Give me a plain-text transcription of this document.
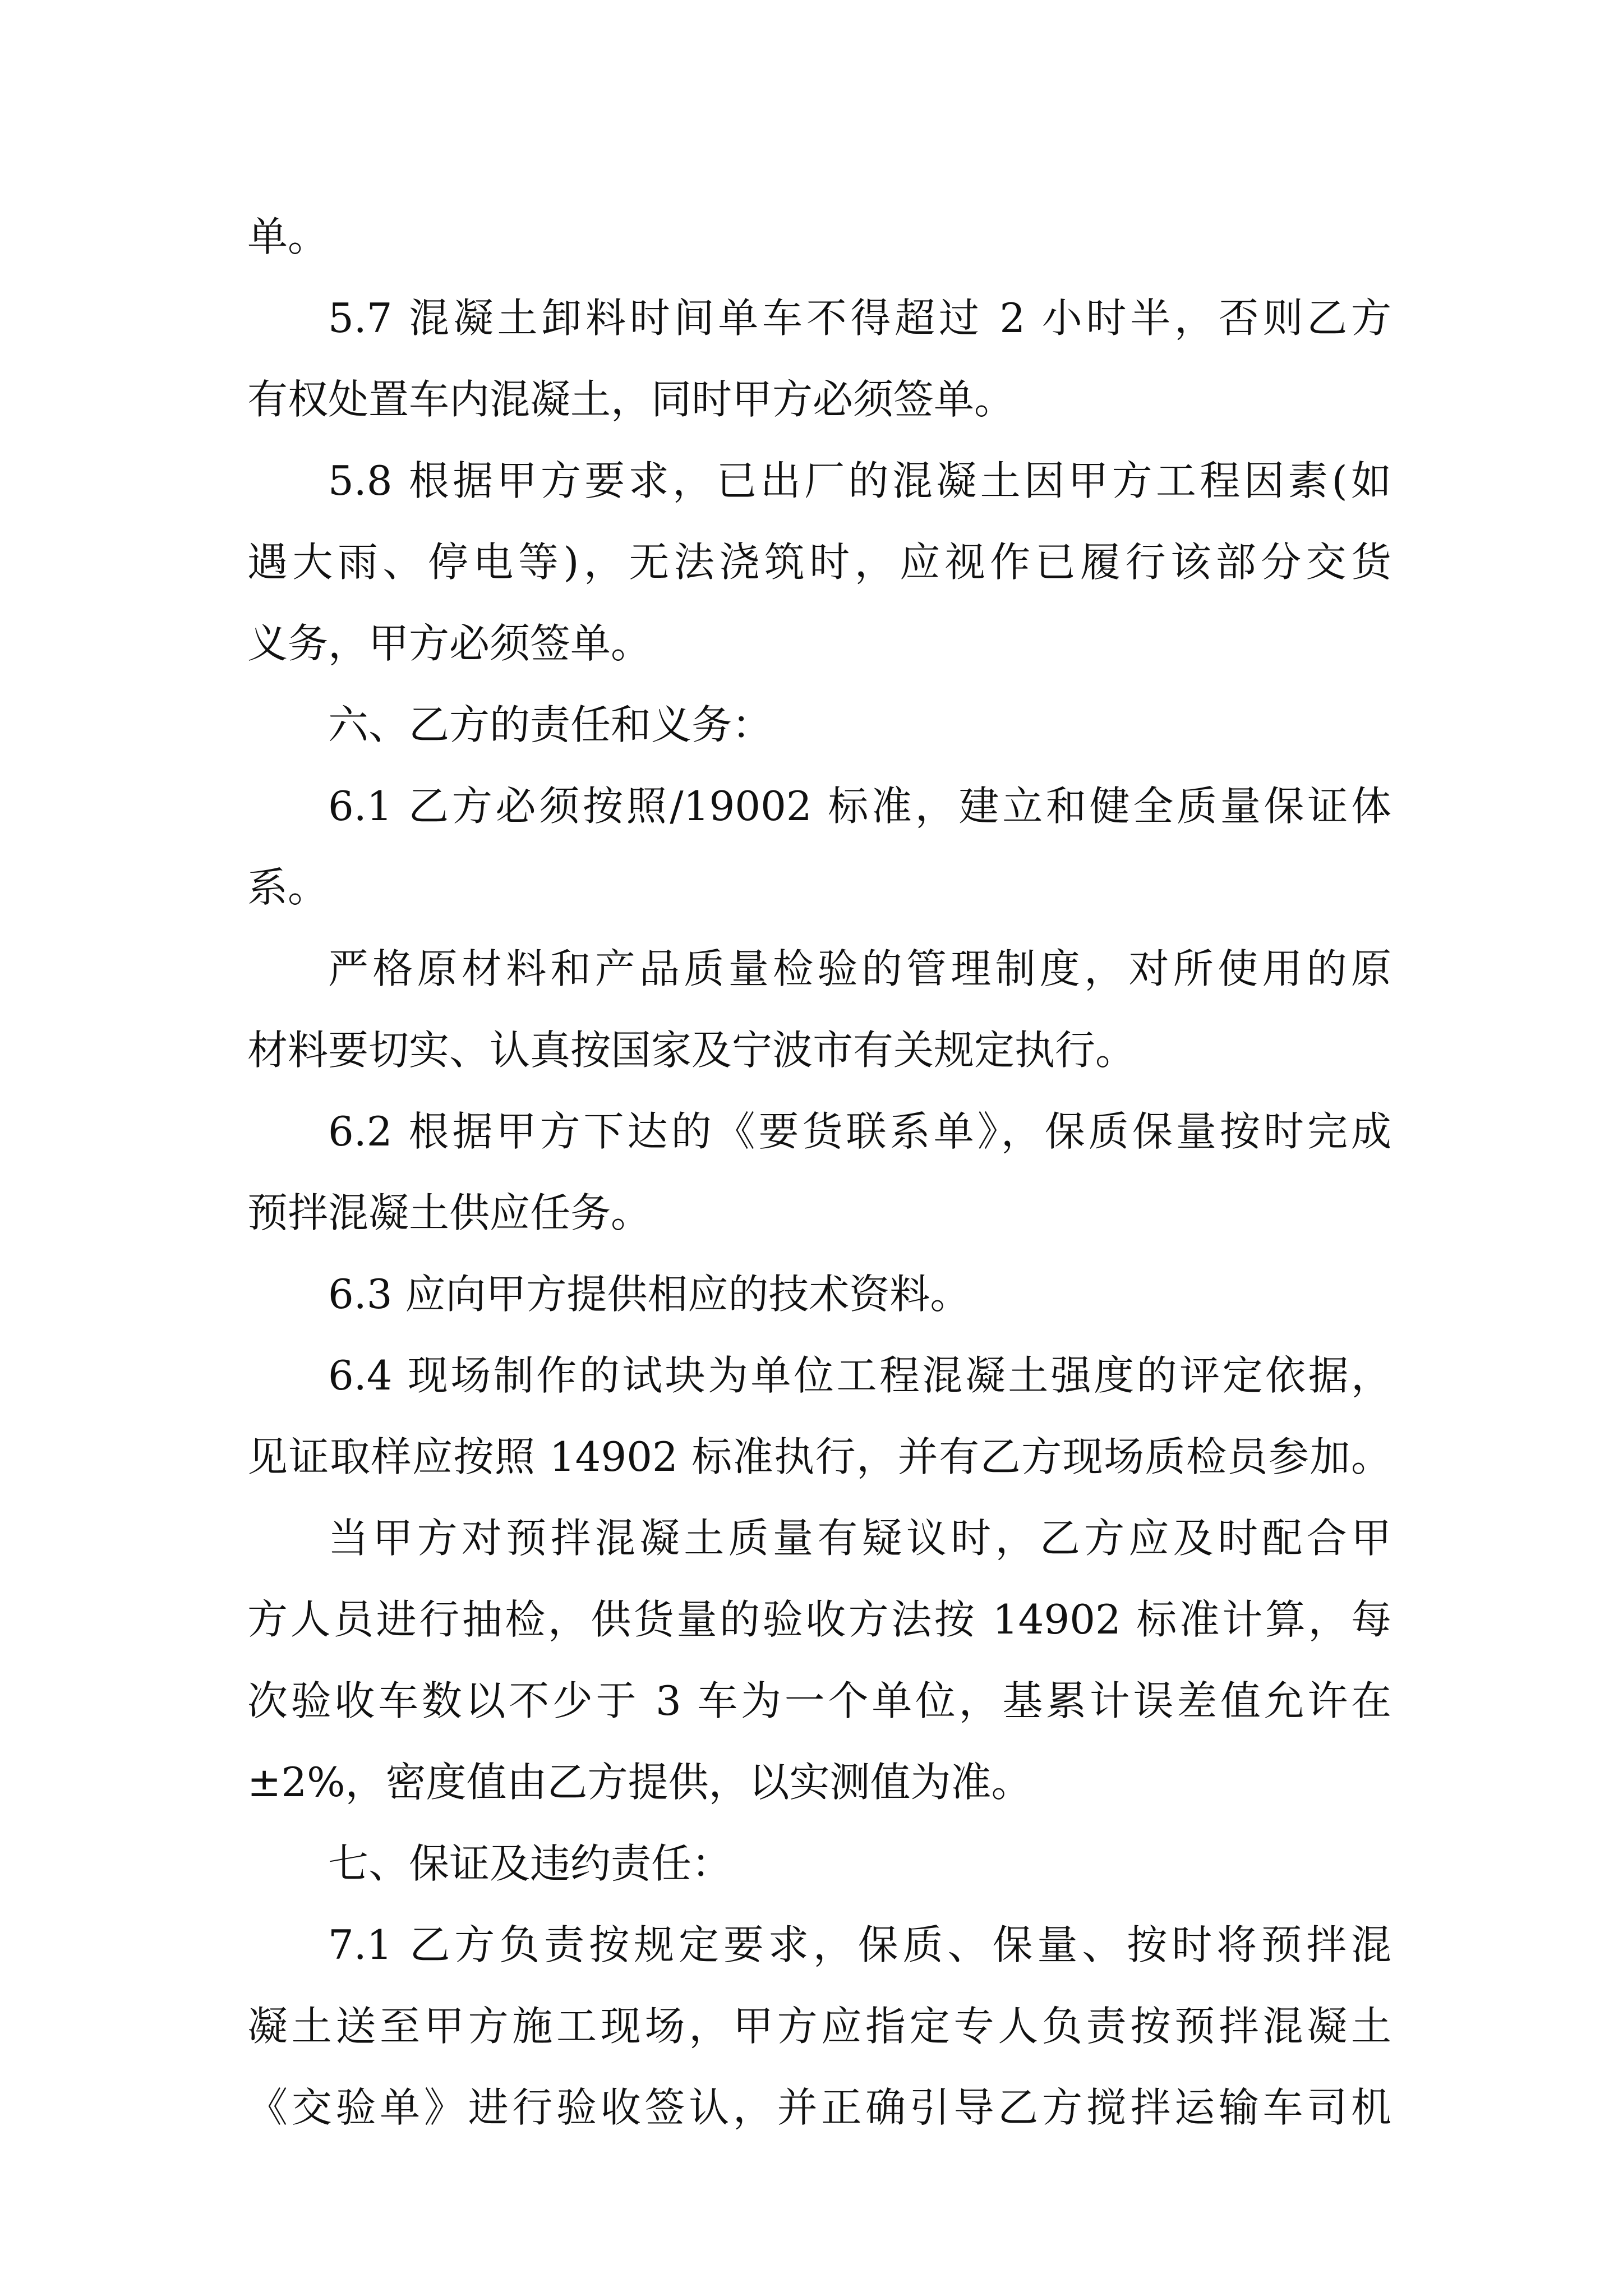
单。
5.7 混凝土卸料时间单车不得超过 2 小时半，否则乙方
有权处置车内混凝土，同时甲方必须签单。
5.8 根据甲方要求，已出厂的混凝土因甲方工程因素(如
遇大雨、停电等)，无法浇筑时，应视作已履行该部分交货
义务，甲方必须签单。
六、乙方的责任和义务：
6.1 乙方必须按照/19002 标准，建立和健全质量保证体
系。
严格原材料和产品质量检验的管理制度，对所使用的原
材料要切实、认真按国家及宁波市有关规定执行。
6.2 根据甲方下达的《要货联系单》，保质保量按时完成
预拌混凝土供应任务。
6.3 应向甲方提供相应的技术资料。
6.4 现场制作的试块为单位工程混凝土强度的评定依据，
见证取样应按照 14902 标准执行，并有乙方现场质检员参加。
当甲方对预拌混凝土质量有疑议时，乙方应及时配合甲
方人员进行抽检，供货量的验收方法按 14902 标准计算，每
次验收车数以不少于 3 车为一个单位，基累计误差值允许在
±2%，密度值由乙方提供，以实测值为准。
七、保证及违约责任：
7.1 乙方负责按规定要求，保质、保量、按时将预拌混
凝土送至甲方施工现场，甲方应指定专人负责按预拌混凝土
《交验单》进行验收签认，并正确引导乙方搅拌运输车司机
